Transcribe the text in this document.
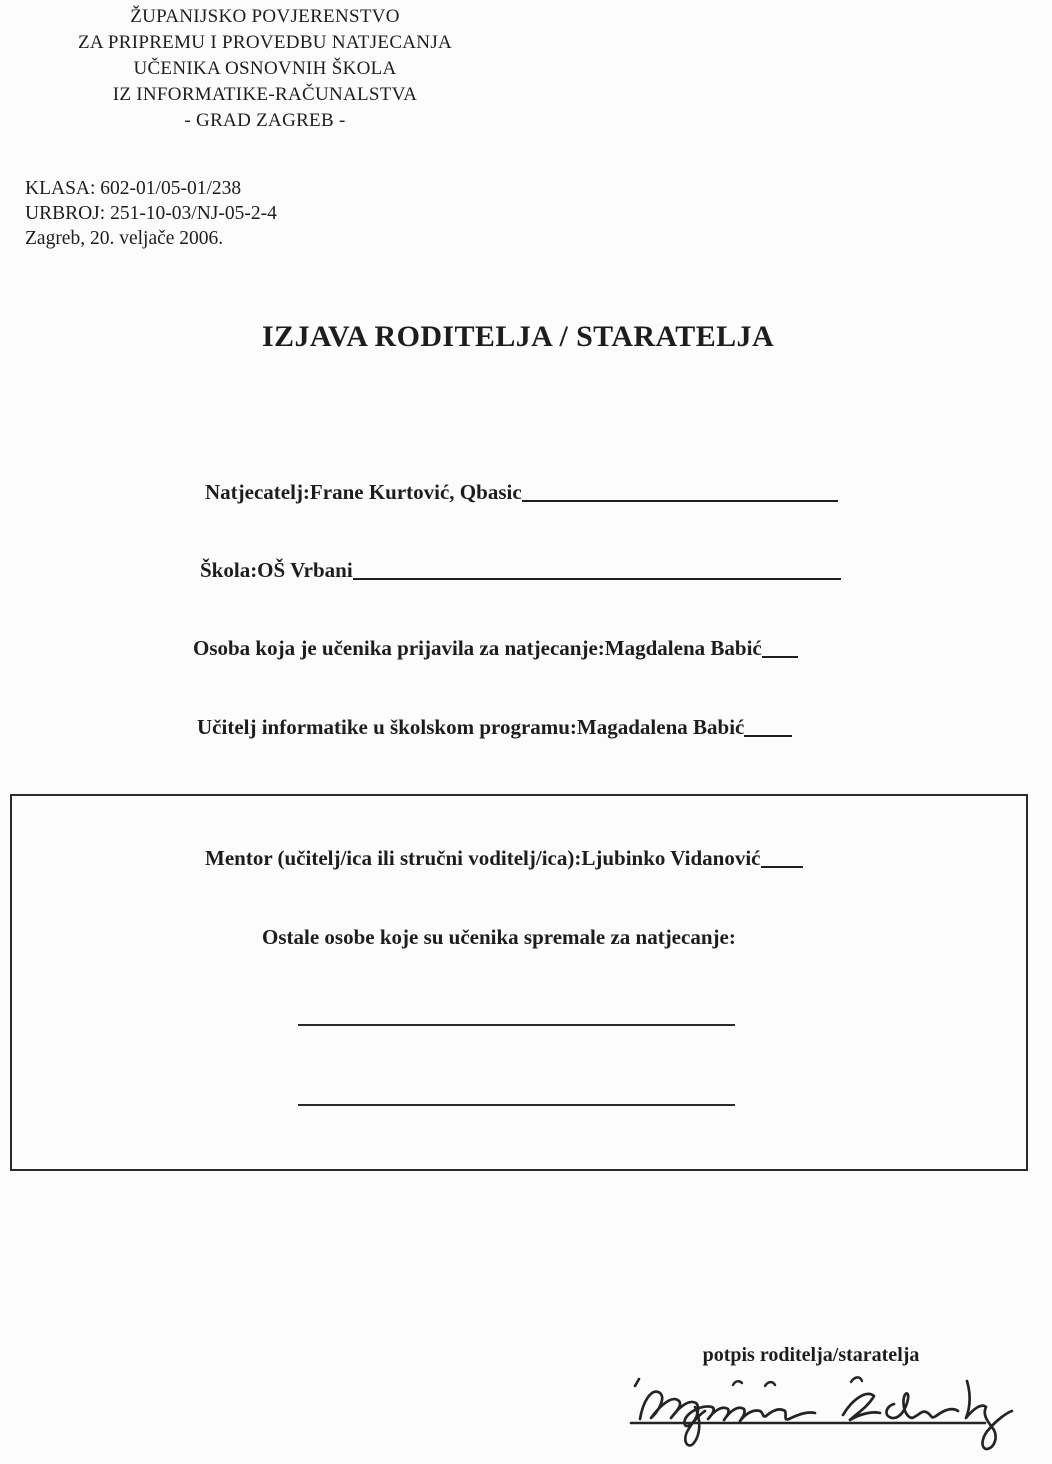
ŽUPANIJSKO POVJERENSTVO
ZA PRIPREMU I PROVEDBU NATJECANJA
UČENIKA OSNOVNIH ŠKOLA
IZ INFORMATIKE-RAČUNALSTVA
- GRAD ZAGREB -
KLASA: 602-01/05-01/238
URBROJ: 251-10-03/NJ-05-2-4
Zagreb, 20. veljače 2006.
IZJAVA RODITELJA / STARATELJA
Natjecatelj:Frane Kurtović, Qbasic
Škola:OŠ Vrbani
Osoba koja je učenika prijavila za natjecanje:Magdalena Babić
Učitelj informatike u školskom programu:Magadalena Babić
Mentor (učitelj/ica ili stručni voditelj/ica):Ljubinko Vidanović
Ostale osobe koje su učenika spremale za natjecanje:
potpis roditelja/staratelja
